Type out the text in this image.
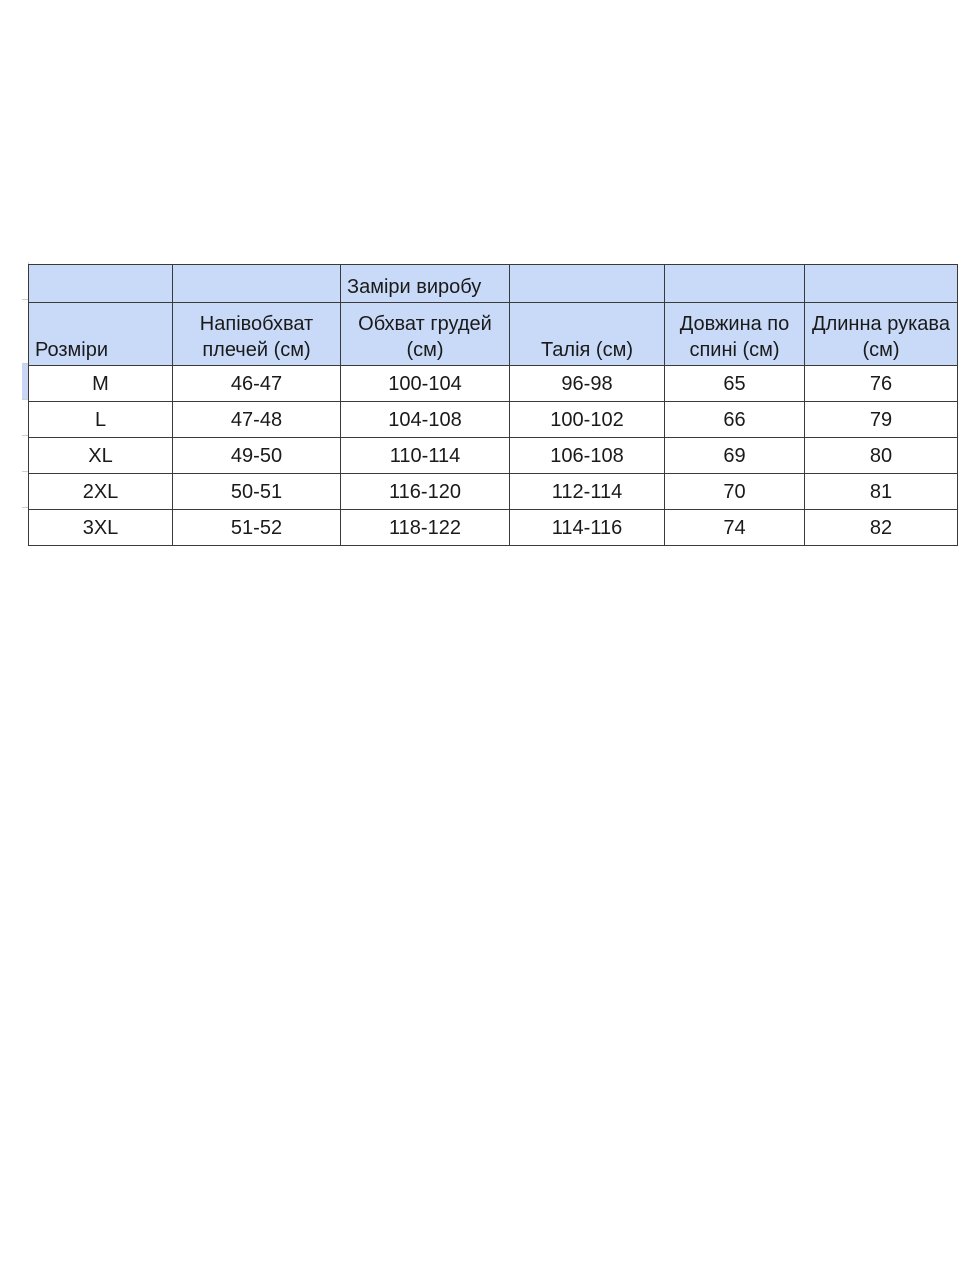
		Заміри виробу			
Розміри	Напівобхват плечей (см)	Обхват грудей (см)	Талія (см)	Довжина по спині (см)	Длинна рукава (см)
M	46-47	100-104	96-98	65	76
L	47-48	104-108	100-102	66	79
XL	49-50	110-114	106-108	69	80
2XL	50-51	116-120	112-114	70	81
3XL	51-52	118-122	114-116	74	82
